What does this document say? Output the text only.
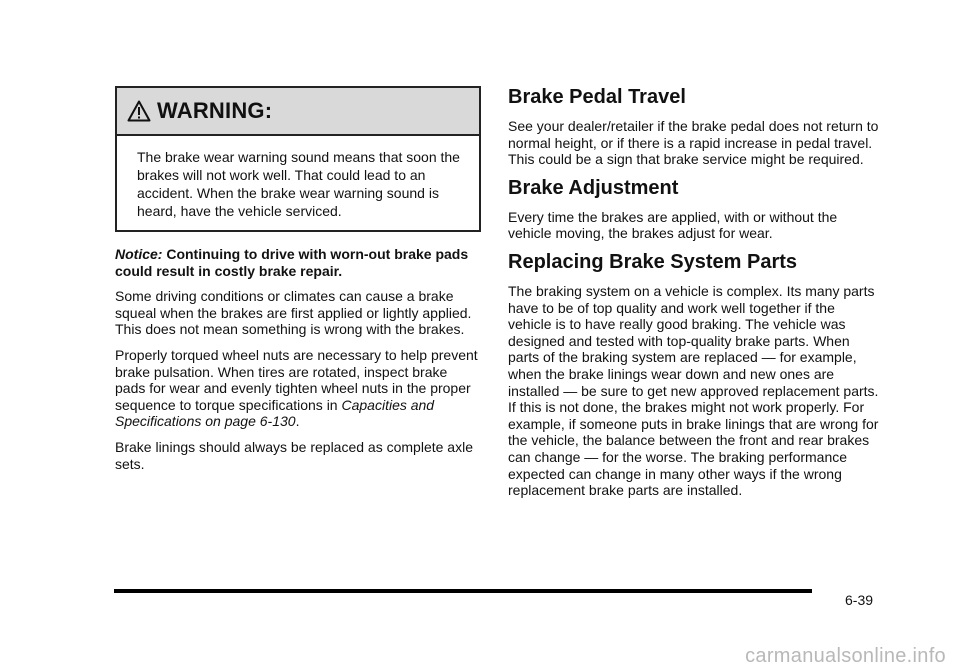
WARNING:
The brake wear warning sound means that soon the brakes will not work well. That could lead to an accident. When the brake wear warning sound is heard, have the vehicle serviced.

Notice: Continuing to drive with worn-out brake pads could result in costly brake repair.

Some driving conditions or climates can cause a brake squeal when the brakes are first applied or lightly applied. This does not mean something is wrong with the brakes.

Properly torqued wheel nuts are necessary to help prevent brake pulsation. When tires are rotated, inspect brake pads for wear and evenly tighten wheel nuts in the proper sequence to torque specifications in Capacities and Specifications on page 6-130.

Brake linings should always be replaced as complete axle sets.

Brake Pedal Travel

See your dealer/retailer if the brake pedal does not return to normal height, or if there is a rapid increase in pedal travel. This could be a sign that brake service might be required.

Brake Adjustment

Every time the brakes are applied, with or without the vehicle moving, the brakes adjust for wear.

Replacing Brake System Parts

The braking system on a vehicle is complex. Its many parts have to be of top quality and work well together if the vehicle is to have really good braking. The vehicle was designed and tested with top-quality brake parts. When parts of the braking system are replaced — for example, when the brake linings wear down and new ones are installed — be sure to get new approved replacement parts. If this is not done, the brakes might not work properly. For example, if someone puts in brake linings that are wrong for the vehicle, the balance between the front and rear brakes can change — for the worse. The braking performance expected can change in many other ways if the wrong replacement brake parts are installed.

6-39
carmanualsonline.info
